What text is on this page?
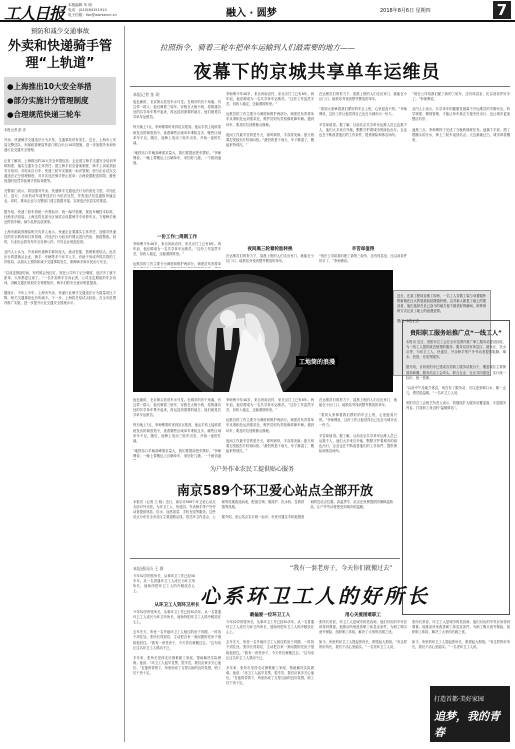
工人日报 本版编辑 朱 明
电话：(010)84151910
电子信箱：foc@workercn.cn	融入 · 圆梦	2018年8月6日 星期四	7
预防和减少交通事故
外卖和快递骑手管理“上轨道”
●上海推出10大安全举措
●部分实施计分管理制度
●合理规范快递三轮车
本报记者 彭 洋

外卖、快递骑手交通违法行为多发，交通事故时有发生。近日，上海市公安局交警总队、市邮政管理局等部门联合出台10项措施，进一步加强外卖和快递行业交通安全管理。

记者了解到，上海推出的10大安全举措包括：企业建立骑手交通安全培训考核制度，落实交通安全主体责任；建立骑手信息备案制度，骑手上岗前须经安全培训；对电动自行车、快递三轮车实施统一标识管理；部分企业试点交通违法记分管理制度，对多次违法骑手停止派单；合理设置配送时限，避免因超时处罚导致骑手冒险驾驶等。

交警部门表示，将加强对外卖、快递骑手交通违法行为的查处力度，对闯红灯、逆行、占用机动车道等违法行为依法处罚，并将违法信息通报所属企业。同时，推动企业与交警部门建立数据对接，实现违法信息实时推送。

据介绍，快递三轮车将统一外观标识、统一编号管理，规范车辆技术标准，杜绝非法改装。上海还将在部分区域试点设置骑手专用停车点，方便骑手就近停放车辆，减少乱停乱放现象。

上海市邮政管理局相关负责人表示，快递企业要落实主体责任，加强对快递员的安全教育和日常管理，对违法行为较多的网点进行约谈，督促整改。同时，行业协会将发布安全自律公约，引导企业规范经营。

业内人士认为，外卖和快递骑手群体庞大，流动性强，管理难度较大。此次出台的措施从企业、骑手、车辆等多个环节入手，有助于形成齐抓共管的工作格局，从源头上预防和减少交通事故发生，保障骑手和市民出行安全。

“以前送餐赶时间，有时候会闯红灯，现在公司有了记分制度，违法多了就不派单，大家都更注意了。”一名外卖骑手告诉记者，公司还定期组织安全培训，讲解交通法规和安全驾驶知识，骑手们的安全意识明显提高。

据统计，今年上半年，上海市外卖、快递行业骑手交通违法行为数量同比下降，相关交通事故也有所减少。下一步，上海将总结试点经验，在全市范围内推广实施，进一步提升行业交通安全管理水平。
拉照指令，骑着三轮车把单车运输到人们最需要的地方——
夜幕下的京城共享单车运维员
本报记者 张 玥
夜色渐浓，北京街头依旧车水马龙。在城市的各个角落，有这样一群人：他们骑着三轮车，穿梭在大街小巷，将散落各处的共享单车集中起来，再运送到需要的地方。他们就是共享单车运维员。

每天晚上7点，李师傅准时来到站点报到。他从手机上接收系统发出的调度指令，查看哪些区域单车堆积过多，哪些区域单车不足。随后，他骑上电动三轮车出发，开始一夜的忙碌。

“地铁站口早晚高峰需求量大，我们要提前把车摆好。”李师傅说，一晚上要搬运上百辆单车，来回好几趟，一干就到凌晨。
一份工作□周期工作
李师傅今年40岁，来自河南农村，来北京打工已有8年。两年前，他应聘成为一名共享单车运维员。“这份工作虽然辛苦，但收入稳定，还能照顾家里。”

运维员的工作主要分为调度和维护两部分。调度员负责将单

李师傅今年40岁，来自河南农村，来北京打工已有8年。两年前，他应聘成为一名共享单车运维员。“这份工作虽然辛苦，但收入稳定，还能照顾家里。”

运维员的工作主要分为调度和维护两部分。调度员负责将单车从堆积处运到需求处，维护员则负责检修故障车辆。遇到坏车，要及时拉回维修点修理。

夜间工作最辛苦的是冬天，寒风刺骨，手冻得发麻；夏天则要忍受蚊虫叮咬和闷热。“最怕的是下雨天，车子淋湿了，搬起来特别沉。”
夜间黑三轮着轮胎转换
在运维员们的努力下，清晨上班的人们走出家门，就能在小区门口、地铁站旁找到整齐摆放的单车。

在运维员们的努力下，清晨上班的人们走出家门，就能在小区门口、地铁站旁找到整齐摆放的单车。

“看到大家骑着我们摆好的车去上班，心里挺高兴的。”李师傅说，这份工作让他觉得自己也在为城市出一份力。

辛苦却值得。据了解，目前北京共享单车运维人员已达数千人，他们大多来自外地，默默守护着城市的绿色出行。企业也在不断改善他们的工作条件，提供保险和休息场所。
辛苦却值得
“现在公司给我们配了新的三轮车，还有休息室，比以前条件好多了。”李师傅说。

“现在公司给我们配了新的三轮车，还有休息室，比以前条件好多了。”李师傅说。

业内人士表示，共享单车的健康发展离不开运维员的辛勤付出。科学调度、精细管理，才能让单车真正方便市民出行，也让城市更加整洁有序。

凌晨三点，李师傅终于完成了当晚的调度任务。他摘下手套，擦了擦额头的汗水，骑上三轮车返回站点。天边渐渐泛白，城市即将醒来。
工地筒的浪漫
近日，在某工程项目施工现场，一名工人穿着工装与身着婚纱的新娘在巨大的管道前拍摄婚纱照。这对新人都是工地上的建设者，他们选择在自己奋斗的地方留下最美好的瞬间，用特别的方式记录工地上的浪漫爱情。

图/文 本报记者
贵阳职工服务站推广点“一线工人”
本报讯 近日，贵阳市总工会在全市范围内推广职工服务站建设经验，为一线工人提供就近便捷的服务。服务站设有休息区、阅读区、饮水点等，为环卫工人、快递员、外卖骑手等户外劳动者提供歇脚、喝水、热饭、充电等服务。

据介绍，目前贵阳市已建成各类职工服务站数百个，覆盖城区主要街道和商圈。服务站由工会牵头，联合企业、社区共同建设，实行统一标识、统一管理。

“以前中午没地方休息，现在有了服务站，可以进来喝口水、歇一会儿，感觉很温暖。”一名环卫工人说。

贵阳市总工会相关负责人表示，将继续扩大服务站覆盖面，丰富服务内容，打造职工身边的“温暖驿站”。
夜色渐浓，北京街头依旧车水马龙。在城市的各个角落，有这样一群人：他们骑着三轮车，穿梭在大街小巷，将散落各处的共享单车集中起来，再运送到需要的地方。他们就是共享单车运维员。

每天晚上7点，李师傅准时来到站点报到。他从手机上接收系统发出的调度指令，查看哪些区域单车堆积过多，哪些区域单车不足。随后，他骑上电动三轮车出发，开始一夜的忙碌。

“地铁站口早晚高峰需求量大，我们要提前把车摆好。”李师傅说，一晚上要搬运上百辆单车，来回好几趟，一干就到凌
李师傅今年40岁，来自河南农村，来北京打工已有8年。两年前，他应聘成为一名共享单车运维员。“这份工作虽然辛苦，但收入稳定，还能照顾家里。”

运维员的工作主要分为调度和维护两部分。调度员负责将单车从堆积处运到需求处，维护员则负责检修故障车辆。遇到坏车，要及时拉回维修点修理。

夜间工作最辛苦的是冬天，寒风刺骨，手冻得发麻；夏天则要忍受蚊虫叮咬和闷热。“最怕的是下雨天，车子淋湿了，搬起来特别沉。”
在运维员们的努力下，清晨上班的人们走出家门，就能在小区门口、地铁站旁找到整齐摆放的单车。

“看到大家骑着我们摆好的车去上班，心里挺高兴的。”李师傅说，这份工作让他觉得自己也在为城市出一份力。

辛苦却值得。据了解，目前北京共享单车运维人员已达数千人，他们大多来自外地，默默守护着城市的绿色出行。企业也在不断改善他们的工作条件，提供保险和休息场所。
为户外作业农民工提供贴心服务
南京589个环卫爱心站点全部开放
本报讯（记者 王 晓）近日，南京市589个环卫爱心站点全部对外开放，为环卫工人、快递员、外卖骑手等户外劳动者提供休息、饮水、加热饭菜、手机充电等服务。这些站点分布在全市各区主要道路沿线，依托环卫作息点、公厕等设施改造而成，配备空调、微波炉、饮水机、急救药箱等设施。

据介绍，爱心站点实行统一标识，市民可通过手机地图查询附近站点位置。高温季节，站点还免费提供防暑降温物品，让户外劳动者感受到城市的温暖。
“我有一套老房子，今天你们就搬过去”
心系环卫工人的好所长
本报通讯员 王 群
今年52岁的张所长，从事环卫工作已经30多年。从一名普通环卫工人成长为环卫所所长，他始终把环卫工人的冷暖放在心上。

从环卫工人到环卫所长
今年52岁的张所长，从事环卫工作已经30多年。从一名普通环卫工人成长为环卫所所长，他始终把环卫工人的冷暖放在心上。

去年冬天，所里一名外地环卫工人租住的房子到期，一时找不到住处。张所长得知后，主动把自家一套闲置的老房子借给他居住。“我有一套老房子，今天你们就搬过去。”这句话让这名环卫工人感动不已。

多年来，张所长坚持走访困难职工家庭，帮助解决实际困难。他说：“环卫工人起早贪黑，很辛苦，我们应该多关心他们。”在他的带领下，所里形成了互帮互助的良好氛围，职工们干劲十足。
最偏爱一位环卫工人
今年52岁的张所长，从事环卫工作已经30多年。从一名普通环卫工人成长为环卫所所长，他始终把环卫工人的冷暖放在心上。

去年冬天，所里一名外地环卫工人租住的房子到期，一时找不到住处。张所长得知后，主动把自家一套闲置的老房子借给他居住。“我有一套老房子，今天你们就搬过去。”这句话让这名环卫工人感动不已。

多年来，张所长坚持走访困难职工家庭，帮助解决实际困难。他说：“环卫工人起早贪黑，很辛苦，我们应该多关心他们。”在他的带领下，所里形成了互帮互助的良好氛围，职工们干劲十足。
用心关爱困难职工
张所长常说，环卫工人是城市的美容师，他们付出的辛劳应该得到尊重。他推动所里改善职工休息室条件，为职工购买意外保险，组织职工体检，解决了大家的后顾之忧。

如今，所里的环卫工人提起张所长，都竖起大拇指。“有这样的好所长，我们干活心里踏实。”一名老环卫工人说。
张所长常说，环卫工人是城市的美容师，他们付出的辛劳应该得到尊重。他推动所里改善职工休息室条件，为职工购买意外保险，组织职工体检，解决了大家的后顾之忧。

如今，所里的环卫工人提起张所长，都竖起大拇指。“有这样的好所长，我们干活心里踏实。”一名老环卫工人说。
打造首都·美好家园
追梦，我的青春
